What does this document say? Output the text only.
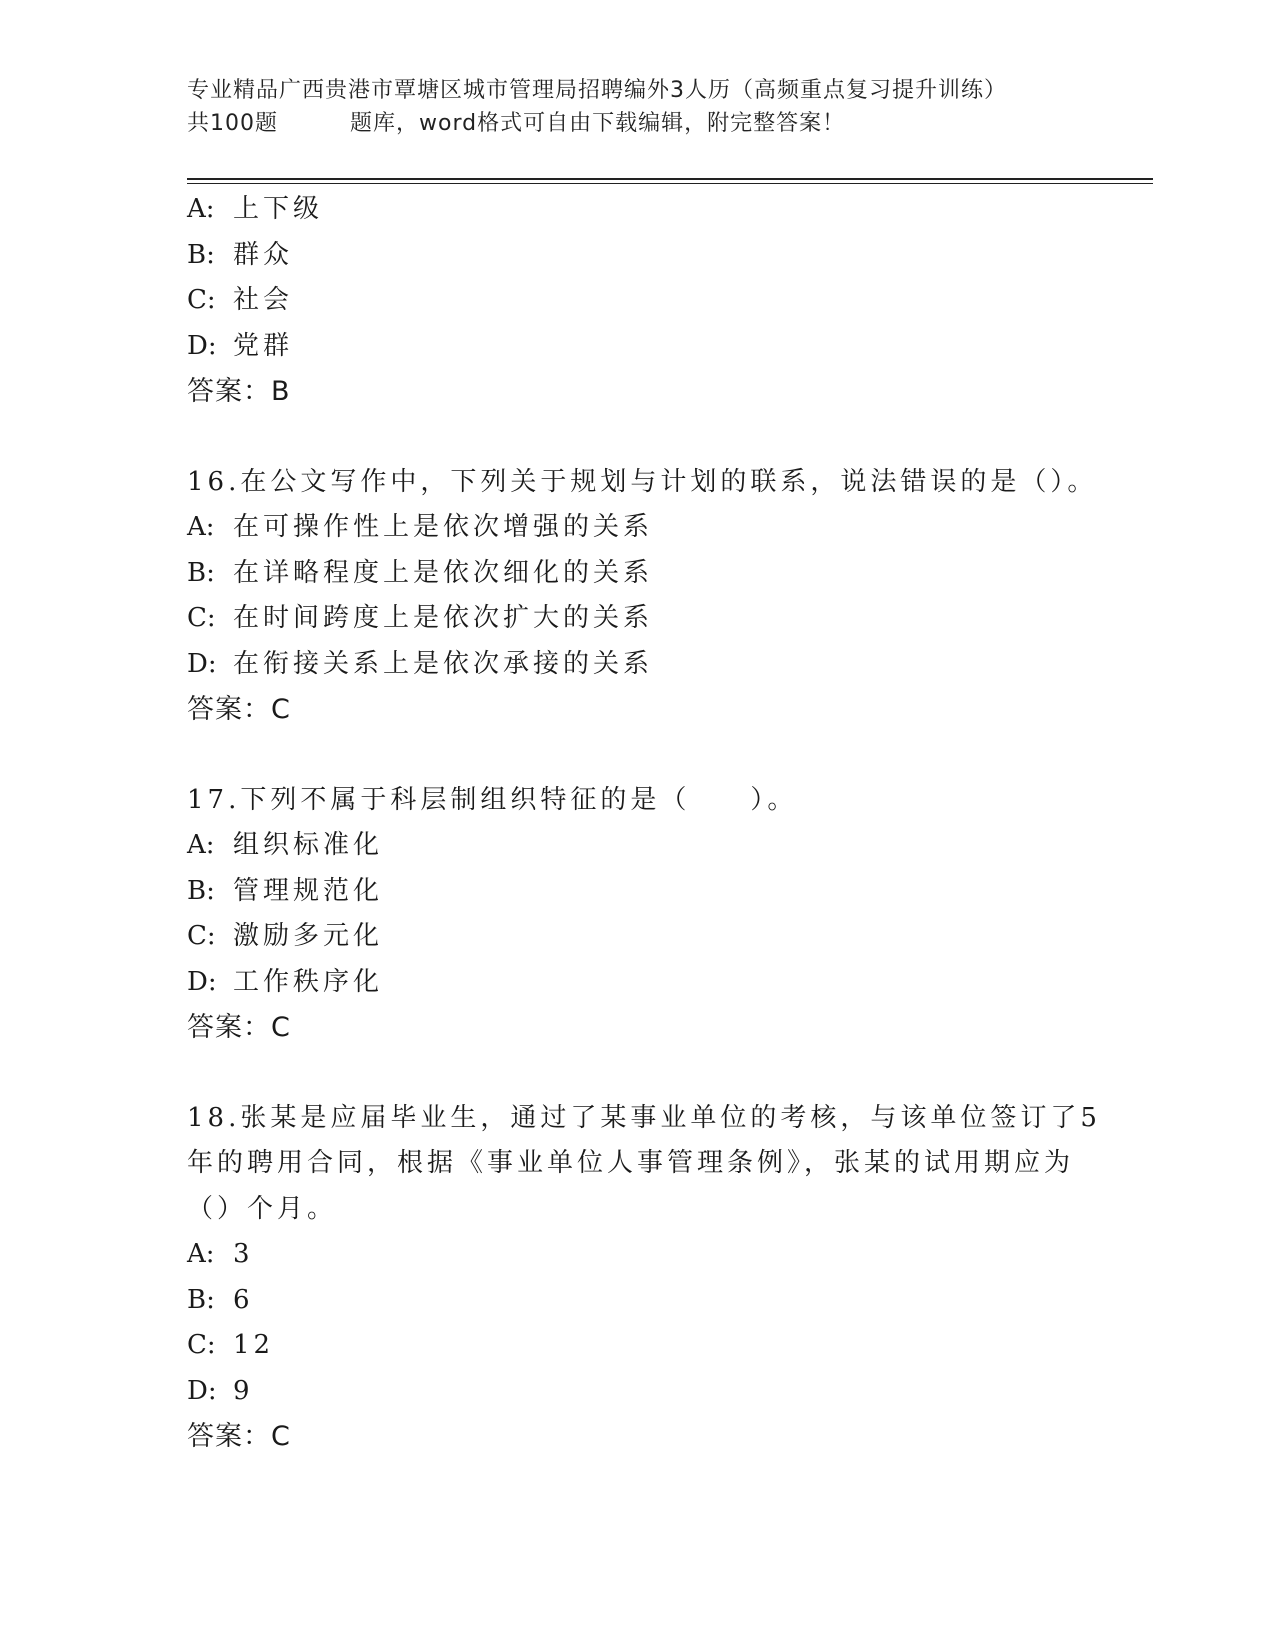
专业精品广西贵港市覃塘区城市管理局招聘编外3人历（高频重点复习提升训练）
共100题	题库，word格式可自由下载编辑，附完整答案！
A: 上下级
B: 群众
C: 社会
D: 党群
答案：B
16.在公文写作中，下列关于规划与计划的联系，说法错误的是（）。
A: 在可操作性上是依次增强的关系
B: 在详略程度上是依次细化的关系
C: 在时间跨度上是依次扩大的关系
D: 在衔接关系上是依次承接的关系
答案：C
17.下列不属于科层制组织特征的是（　　）。
A: 组织标准化
B: 管理规范化
C: 激励多元化
D: 工作秩序化
答案：C
18.张某是应届毕业生，通过了某事业单位的考核，与该单位签订了5
年的聘用合同，根据《事业单位人事管理条例》，张某的试用期应为
（）个月。
A: 3
B: 6
C: 12
D: 9
答案：C
